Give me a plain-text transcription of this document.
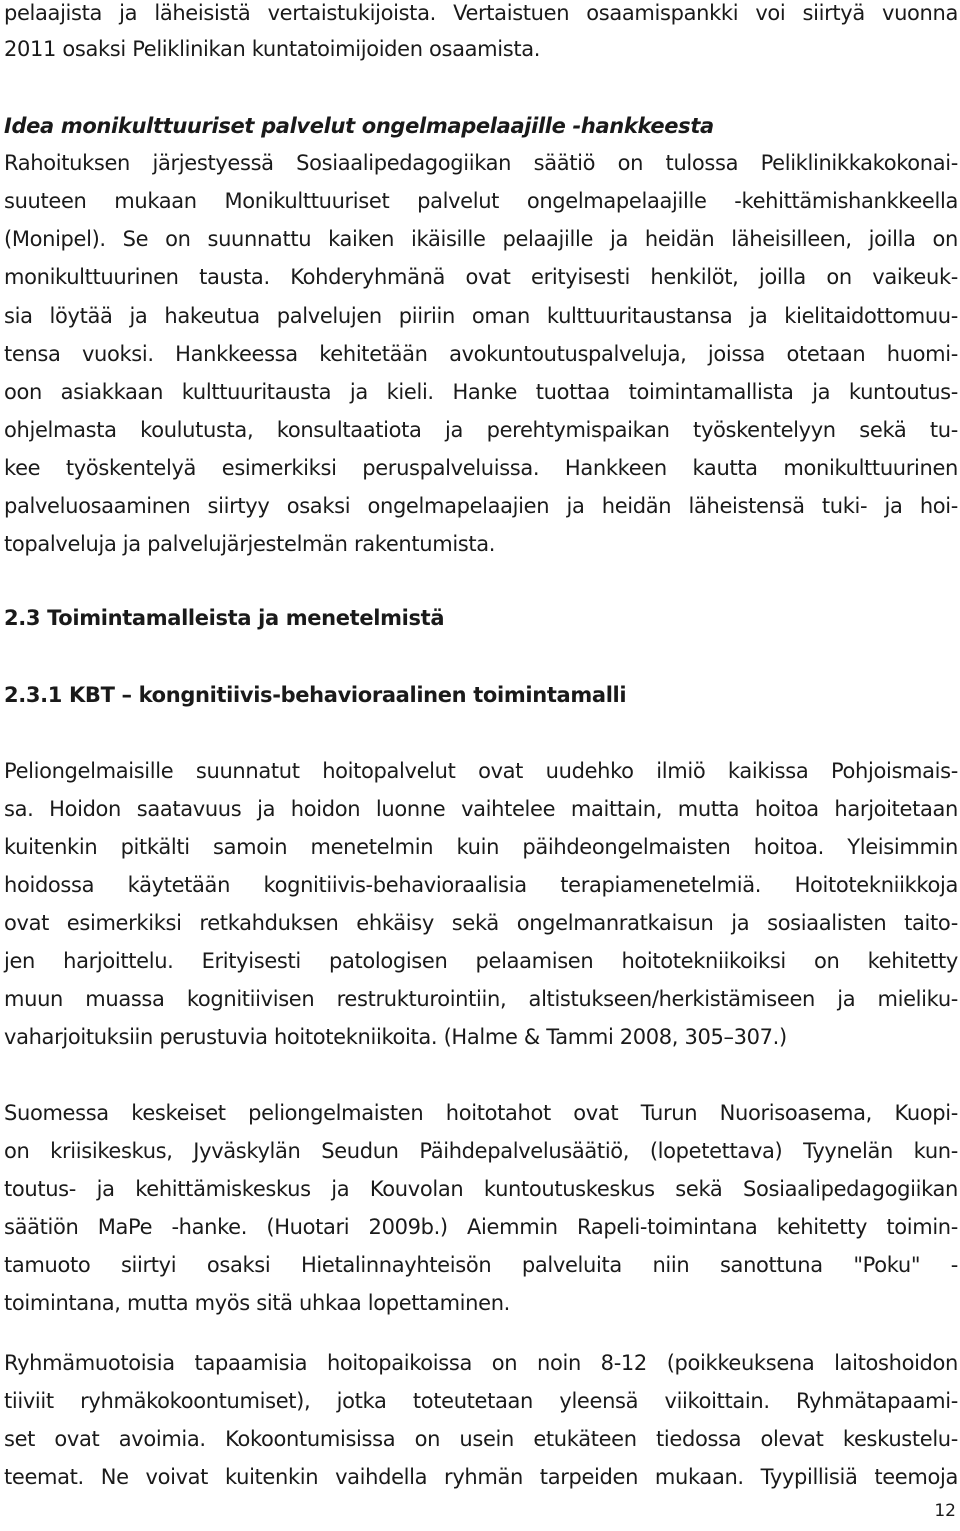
pelaajista ja läheisistä vertaistukijoista. Vertaistuen osaamispankki voi siirtyä vuonna
2011 osaksi Peliklinikan kuntatoimijoiden osaamista.
Idea monikulttuuriset palvelut ongelmapelaajille -hankkeesta
Rahoituksen järjestyessä Sosiaalipedagogiikan säätiö on tulossa Peliklinikkakokonai-
suuteen mukaan Monikulttuuriset palvelut ongelmapelaajille -kehittämishankkeella
(Monipel). Se on suunnattu kaiken ikäisille pelaajille ja heidän läheisilleen, joilla on
monikulttuurinen tausta. Kohderyhmänä ovat erityisesti henkilöt, joilla on vaikeuk-
sia löytää ja hakeutua palvelujen piiriin oman kulttuuritaustansa ja kielitaidottomuu-
tensa vuoksi. Hankkeessa kehitetään avokuntoutuspalveluja, joissa otetaan huomi-
oon asiakkaan kulttuuritausta ja kieli. Hanke tuottaa toimintamallista ja kuntoutus-
ohjelmasta koulutusta, konsultaatiota ja perehtymispaikan työskentelyyn sekä tu-
kee työskentelyä esimerkiksi peruspalveluissa. Hankkeen kautta monikulttuurinen
palveluosaaminen siirtyy osaksi ongelmapelaajien ja heidän läheistensä tuki- ja hoi-
topalveluja ja palvelujärjestelmän rakentumista.
2.3 Toimintamalleista ja menetelmistä
2.3.1 KBT – kongnitiivis-behavioraalinen toimintamalli
Peliongelmaisille suunnatut hoitopalvelut ovat uudehko ilmiö kaikissa Pohjoismais-
sa. Hoidon saatavuus ja hoidon luonne vaihtelee maittain, mutta hoitoa harjoitetaan
kuitenkin pitkälti samoin menetelmin kuin päihdeongelmaisten hoitoa. Yleisimmin
hoidossa käytetään kognitiivis-behavioraalisia terapiamenetelmiä. Hoitotekniikkoja
ovat esimerkiksi retkahduksen ehkäisy sekä ongelmanratkaisun ja sosiaalisten taito-
jen harjoittelu. Erityisesti patologisen pelaamisen hoitotekniikoiksi on kehitetty
muun muassa kognitiivisen restrukturointiin, altistukseen/herkistämiseen ja mieliku-
vaharjoituksiin perustuvia hoitotekniikoita. (Halme & Tammi 2008, 305–307.)
Suomessa keskeiset peliongelmaisten hoitotahot ovat Turun Nuorisoasema, Kuopi-
on kriisikeskus, Jyväskylän Seudun Päihdepalvelusäätiö, (lopetettava) Tyynelän kun-
toutus- ja kehittämiskeskus ja Kouvolan kuntoutuskeskus sekä Sosiaalipedagogiikan
säätiön MaPe -hanke. (Huotari 2009b.) Aiemmin Rapeli-toimintana kehitetty toimin-
tamuoto siirtyi osaksi Hietalinnayhteisön palveluita niin sanottuna "Poku" -
toimintana, mutta myös sitä uhkaa lopettaminen.
Ryhmämuotoisia tapaamisia hoitopaikoissa on noin 8-12 (poikkeuksena laitoshoidon
tiiviit ryhmäkokoontumiset), jotka toteutetaan yleensä viikoittain. Ryhmätapaami-
set ovat avoimia. Kokoontumisissa on usein etukäteen tiedossa olevat keskustelu-
teemat. Ne voivat kuitenkin vaihdella ryhmän tarpeiden mukaan. Tyypillisiä teemoja
12
